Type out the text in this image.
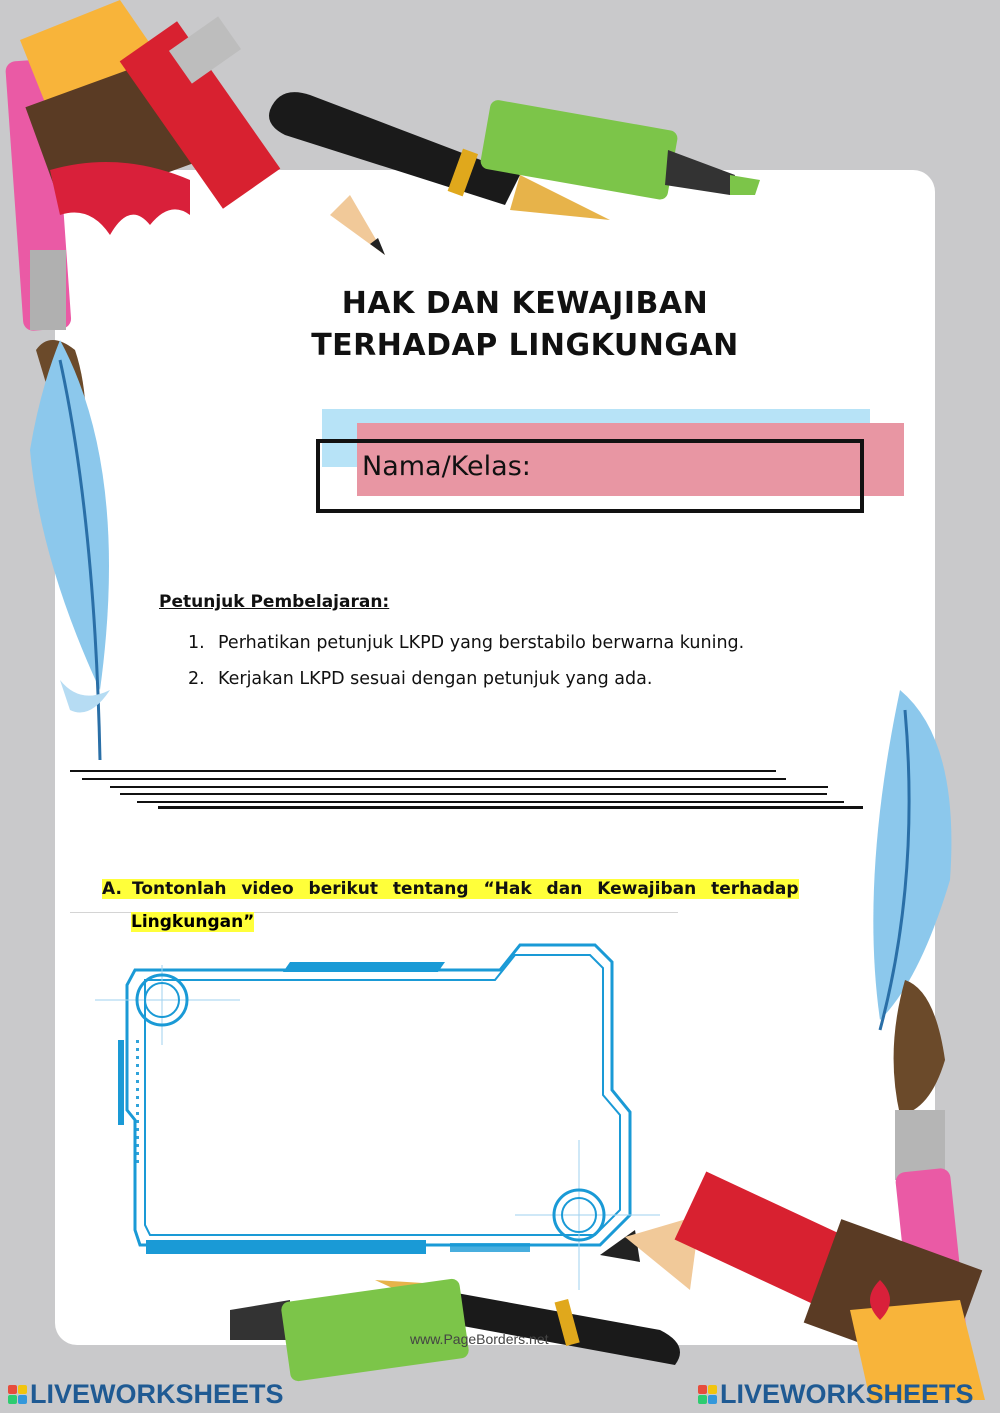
HAK DAN KEWAJIBAN
TERHADAP LINGKUNGAN
Nama/Kelas:
Petunjuk Pembelajaran:
1. Perhatikan petunjuk LKPD yang berstabilo berwarna kuning.
2. Kerjakan LKPD sesuai dengan petunjuk yang ada.
A. Tontonlah video berikut tentang “Hak dan Kewajiban terhadap
Lingkungan”
www.PageBorders.net
LIVEWORKSHEETS	LIVEWORKSHEETS
